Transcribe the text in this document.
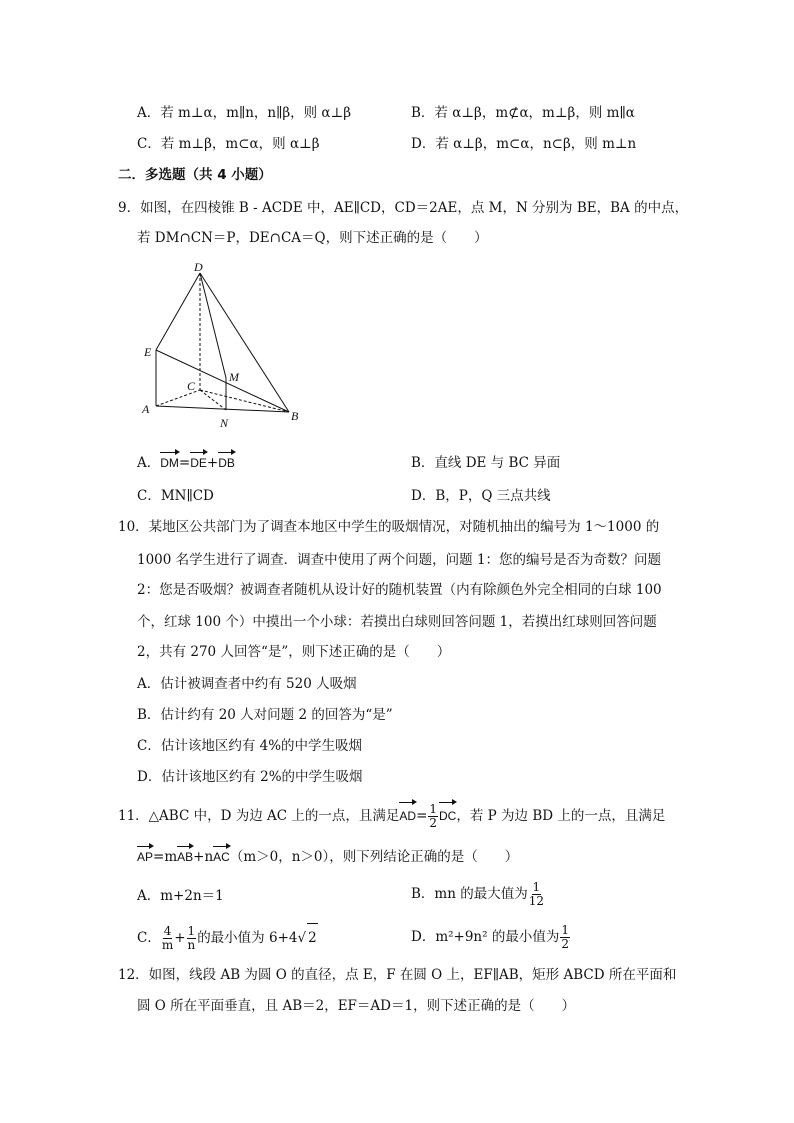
A．若 m⊥α，m∥n，n∥β，则 α⊥β	B．若 α⊥β，m⊄α，m⊥β，则 m∥α
C．若 m⊥β，m⊂α，则 α⊥β	D．若 α⊥β，m⊂α，n⊂β，则 m⊥n
二．多选题（共 4 小题）
9．如图，在四棱锥 B - ACDE 中，AE∥CD，CD＝2AE，点 M，N 分别为 BE，BA 的中点，
若 DM∩CN＝P，DE∩CA＝Q，则下述正确的是（　　）
D
E
C
M
A
N	B
A．DM=DE+DB	B．直线 DE 与 BC 异面
C．MN∥CD	D．B，P，Q 三点共线
10．某地区公共部门为了调查本地区中学生的吸烟情况，对随机抽出的编号为 1～1000 的
1000 名学生进行了调查．调查中使用了两个问题，问题 1：您的编号是否为奇数？问题
2：您是否吸烟？被调查者随机从设计好的随机装置（内有除颜色外完全相同的白球 100
个，红球 100 个）中摸出一个小球：若摸出白球则回答问题 1，若摸出红球则回答问题
2，共有 270 人回答“是”，则下述正确的是（　　）
A．估计被调查者中约有 520 人吸烟
B．估计约有 20 人对问题 2 的回答为“是”
C．估计该地区约有 4%的中学生吸烟
D．估计该地区约有 2%的中学生吸烟
11．△ABC 中，D 为边 AC 上的一点，且满足$AD= \frac{1}{2}$ DC，若 P 为边 BD 上的一点，且满足
AP=mAB+nAC（m＞0，n＞0），则下列结论正确的是（　　）
A．m+2n＝1	B．mn 的最大值为 $\frac{1}{12}$
C． $\frac{4}{m} + \frac{1}{n}$ 的最小值为 6+4√ 2	D．m²+9n² 的最小值为 $\frac{1}{2}$
12．如图，线段 AB 为圆 O 的直径，点 E，F 在圆 O 上，EF∥AB，矩形 ABCD 所在平面和
圆 O 所在平面垂直，且 AB＝2，EF＝AD＝1，则下述正确的是（　　）
